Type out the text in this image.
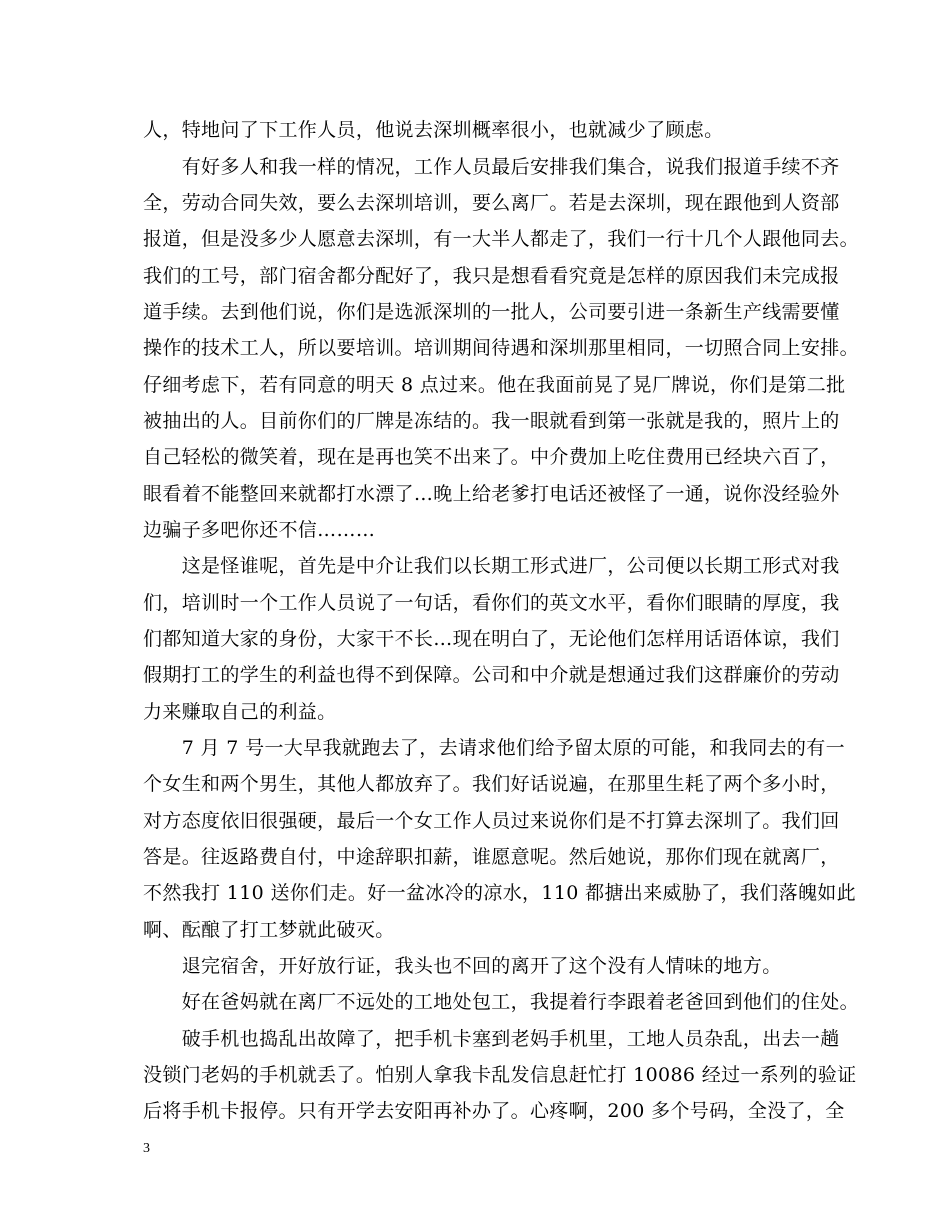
人，特地问了下工作人员，他说去深圳概率很小，也就减少了顾虑。
　　有好多人和我一样的情况，工作人员最后安排我们集合，说我们报道手续不齐
全，劳动合同失效，要么去深圳培训，要么离厂。若是去深圳，现在跟他到人资部
报道，但是没多少人愿意去深圳，有一大半人都走了，我们一行十几个人跟他同去。
我们的工号，部门宿舍都分配好了，我只是想看看究竟是怎样的原因我们未完成报
道手续。去到他们说，你们是选派深圳的一批人，公司要引进一条新生产线需要懂
操作的技术工人，所以要培训。培训期间待遇和深圳那里相同，一切照合同上安排。
仔细考虑下，若有同意的明天 8 点过来。他在我面前晃了晃厂牌说，你们是第二批
被抽出的人。目前你们的厂牌是冻结的。我一眼就看到第一张就是我的，照片上的
自己轻松的微笑着，现在是再也笑不出来了。中介费加上吃住费用已经块六百了，
眼看着不能整回来就都打水漂了…晚上给老爹打电话还被怪了一通，说你没经验外
边骗子多吧你还不信………
　　这是怪谁呢，首先是中介让我们以长期工形式进厂，公司便以长期工形式对我
们，培训时一个工作人员说了一句话，看你们的英文水平，看你们眼睛的厚度，我
们都知道大家的身份，大家干不长…现在明白了，无论他们怎样用话语体谅，我们
假期打工的学生的利益也得不到保障。公司和中介就是想通过我们这群廉价的劳动
力来赚取自己的利益。
　　7 月 7 号一大早我就跑去了，去请求他们给予留太原的可能，和我同去的有一
个女生和两个男生，其他人都放弃了。我们好话说遍，在那里生耗了两个多小时，
对方态度依旧很强硬，最后一个女工作人员过来说你们是不打算去深圳了。我们回
答是。往返路费自付，中途辞职扣薪，谁愿意呢。然后她说，那你们现在就离厂，
不然我打 110 送你们走。好一盆冰冷的凉水，110 都搪出来威胁了，我们落魄如此
啊、酝酿了打工梦就此破灭。
　　退完宿舍，开好放行证，我头也不回的离开了这个没有人情味的地方。
　　好在爸妈就在离厂不远处的工地处包工，我提着行李跟着老爸回到他们的住处。
　　破手机也捣乱出故障了，把手机卡塞到老妈手机里，工地人员杂乱，出去一趟
没锁门老妈的手机就丢了。怕别人拿我卡乱发信息赶忙打 10086 经过一系列的验证
后将手机卡报停。只有开学去安阳再补办了。心疼啊，200 多个号码，全没了，全
3
